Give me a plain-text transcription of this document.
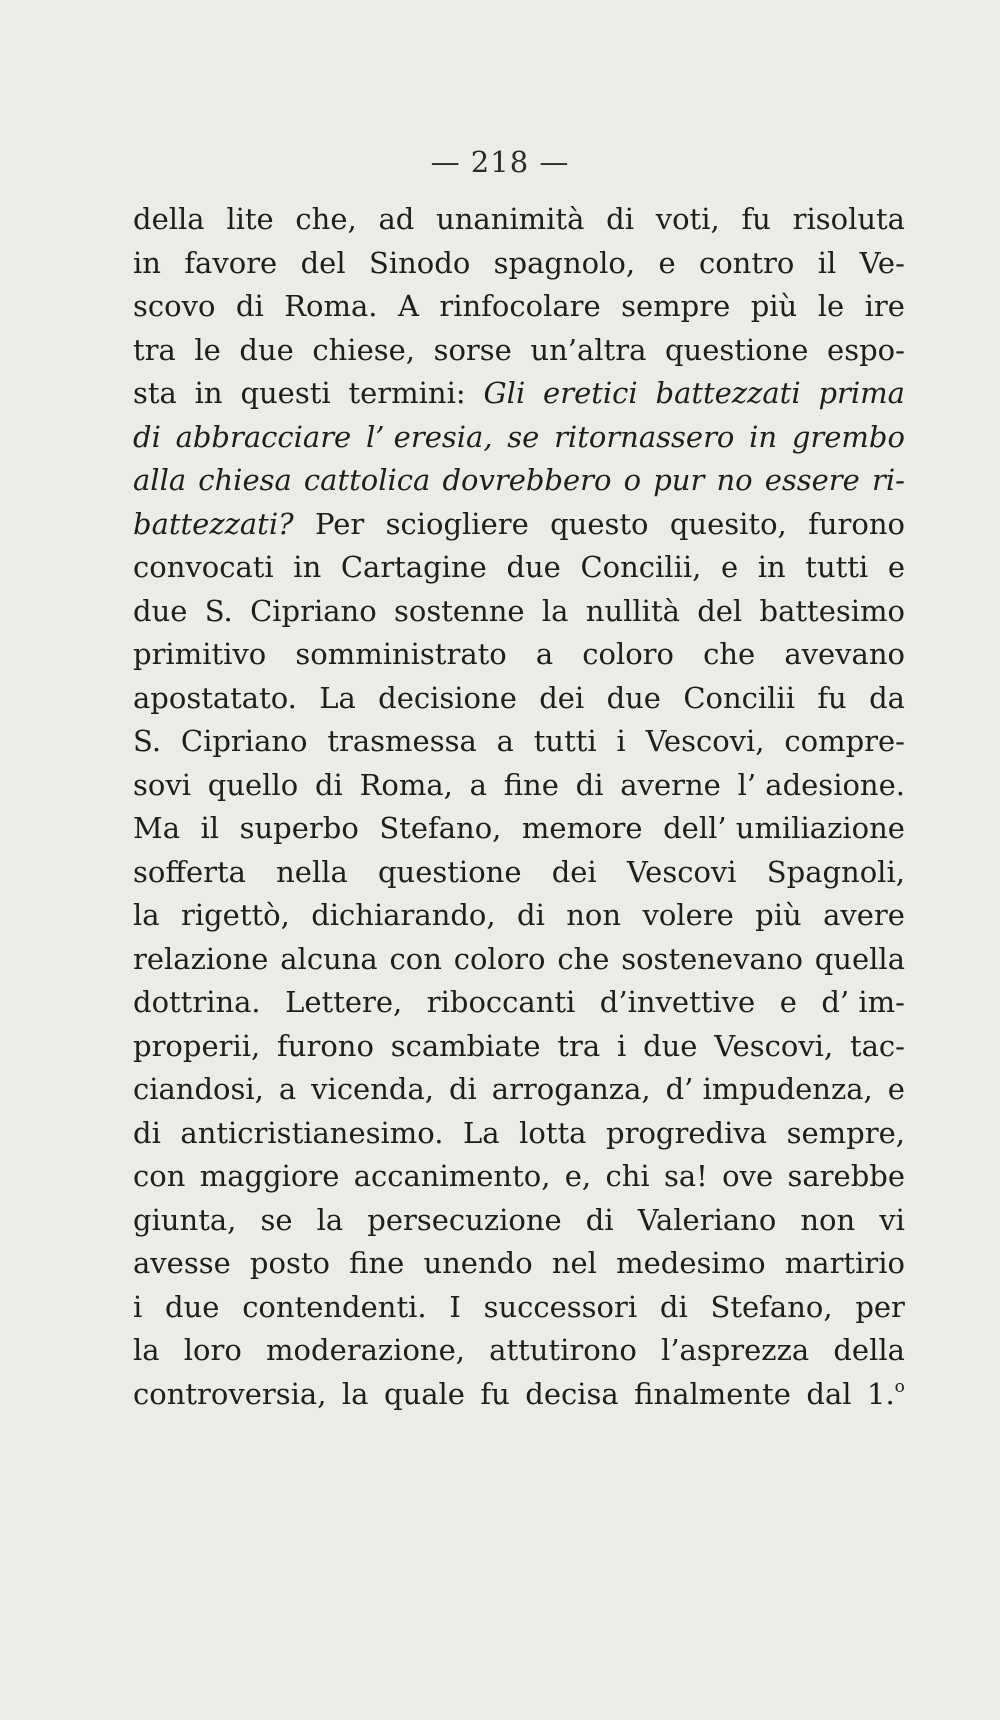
— 218 —
della lite che, ad unanimità di voti, fu risoluta
in favore del Sinodo spagnolo, e contro il Ve-
scovo di Roma. A rinfocolare sempre più le ire
tra le due chiese, sorse un’altra questione espo-
sta in questi termini: Gli eretici battezzati prima
di abbracciare l’ eresia, se ritornassero in grembo
alla chiesa cattolica dovrebbero o pur no essere ri-
battezzati? Per sciogliere questo quesito, furono
convocati in Cartagine due Concilii, e in tutti e
due S. Cipriano sostenne la nullità del battesimo
primitivo somministrato a coloro che avevano
apostatato. La decisione dei due Concilii fu da
S. Cipriano trasmessa a tutti i Vescovi, compre-
sovi quello di Roma, a fine di averne l’ adesione.
Ma il superbo Stefano, memore dell’ umiliazione
sofferta nella questione dei Vescovi Spagnoli,
la rigettò, dichiarando, di non volere più avere
relazione alcuna con coloro che sostenevano quella
dottrina. Lettere, riboccanti d’invettive e d’ im-
properii, furono scambiate tra i due Vescovi, tac-
ciandosi, a vicenda, di arroganza, d’ impudenza, e
di anticristianesimo. La lotta progrediva sempre,
con maggiore accanimento, e, chi sa! ove sarebbe
giunta, se la persecuzione di Valeriano non vi
avesse posto fine unendo nel medesimo martirio
i due contendenti. I successori di Stefano, per
la loro moderazione, attutirono l’asprezza della
controversia, la quale fu decisa finalmente dal 1.o
